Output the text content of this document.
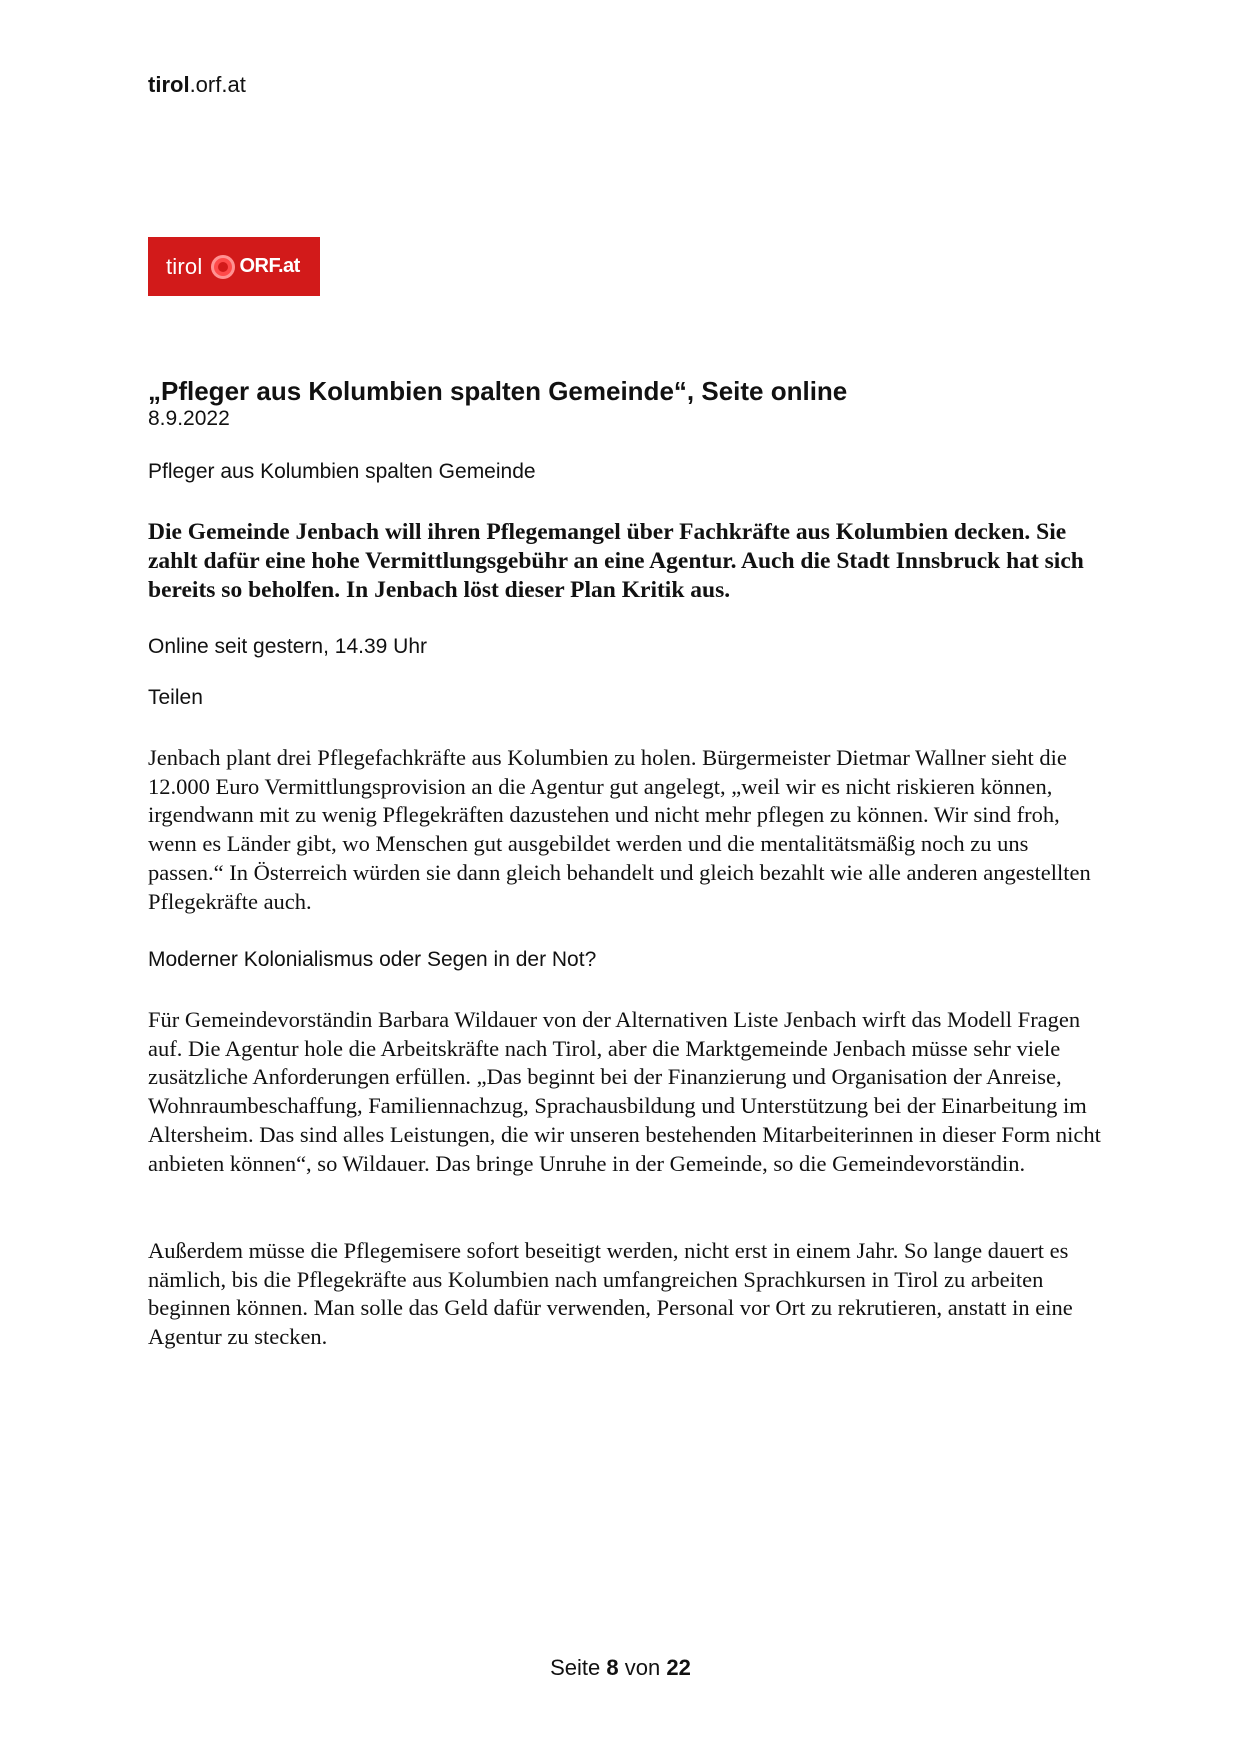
tirol.orf.at
tirol ORF.at
„Pfleger aus Kolumbien spalten Gemeinde“, Seite online
8.9.2022
Pfleger aus Kolumbien spalten Gemeinde
Die Gemeinde Jenbach will ihren Pflegemangel über Fachkräfte aus Kolumbien decken. Sie zahlt dafür eine hohe Vermittlungsgebühr an eine Agentur. Auch die Stadt Innsbruck hat sich bereits so beholfen. In Jenbach löst dieser Plan Kritik aus.
Online seit gestern, 14.39 Uhr
Teilen
Jenbach plant drei Pflegefachkräfte aus Kolumbien zu holen. Bürgermeister Dietmar Wallner sieht die 12.000 Euro Vermittlungsprovision an die Agentur gut angelegt, „weil wir es nicht riskieren können, irgendwann mit zu wenig Pflegekräften dazustehen und nicht mehr pflegen zu können. Wir sind froh, wenn es Länder gibt, wo Menschen gut ausgebildet werden und die mentalitätsmäßig noch zu uns passen.“ In Österreich würden sie dann gleich behandelt und gleich bezahlt wie alle anderen angestellten Pflegekräfte auch.
Moderner Kolonialismus oder Segen in der Not?
Für Gemeindevorständin Barbara Wildauer von der Alternativen Liste Jenbach wirft das Modell Fragen auf. Die Agentur hole die Arbeitskräfte nach Tirol, aber die Marktgemeinde Jenbach müsse sehr viele zusätzliche Anforderungen erfüllen. „Das beginnt bei der Finanzierung und Organisation der Anreise, Wohnraumbeschaffung, Familiennachzug, Sprachausbildung und Unterstützung bei der Einarbeitung im Altersheim. Das sind alles Leistungen, die wir unseren bestehenden Mitarbeiterinnen in dieser Form nicht anbieten können“, so Wildauer. Das bringe Unruhe in der Gemeinde, so die Gemeindevorständin.
Außerdem müsse die Pflegemisere sofort beseitigt werden, nicht erst in einem Jahr. So lange dauert es nämlich, bis die Pflegekräfte aus Kolumbien nach umfangreichen Sprachkursen in Tirol zu arbeiten beginnen können. Man solle das Geld dafür verwenden, Personal vor Ort zu rekrutieren, anstatt in eine Agentur zu stecken.
Seite 8 von 22
